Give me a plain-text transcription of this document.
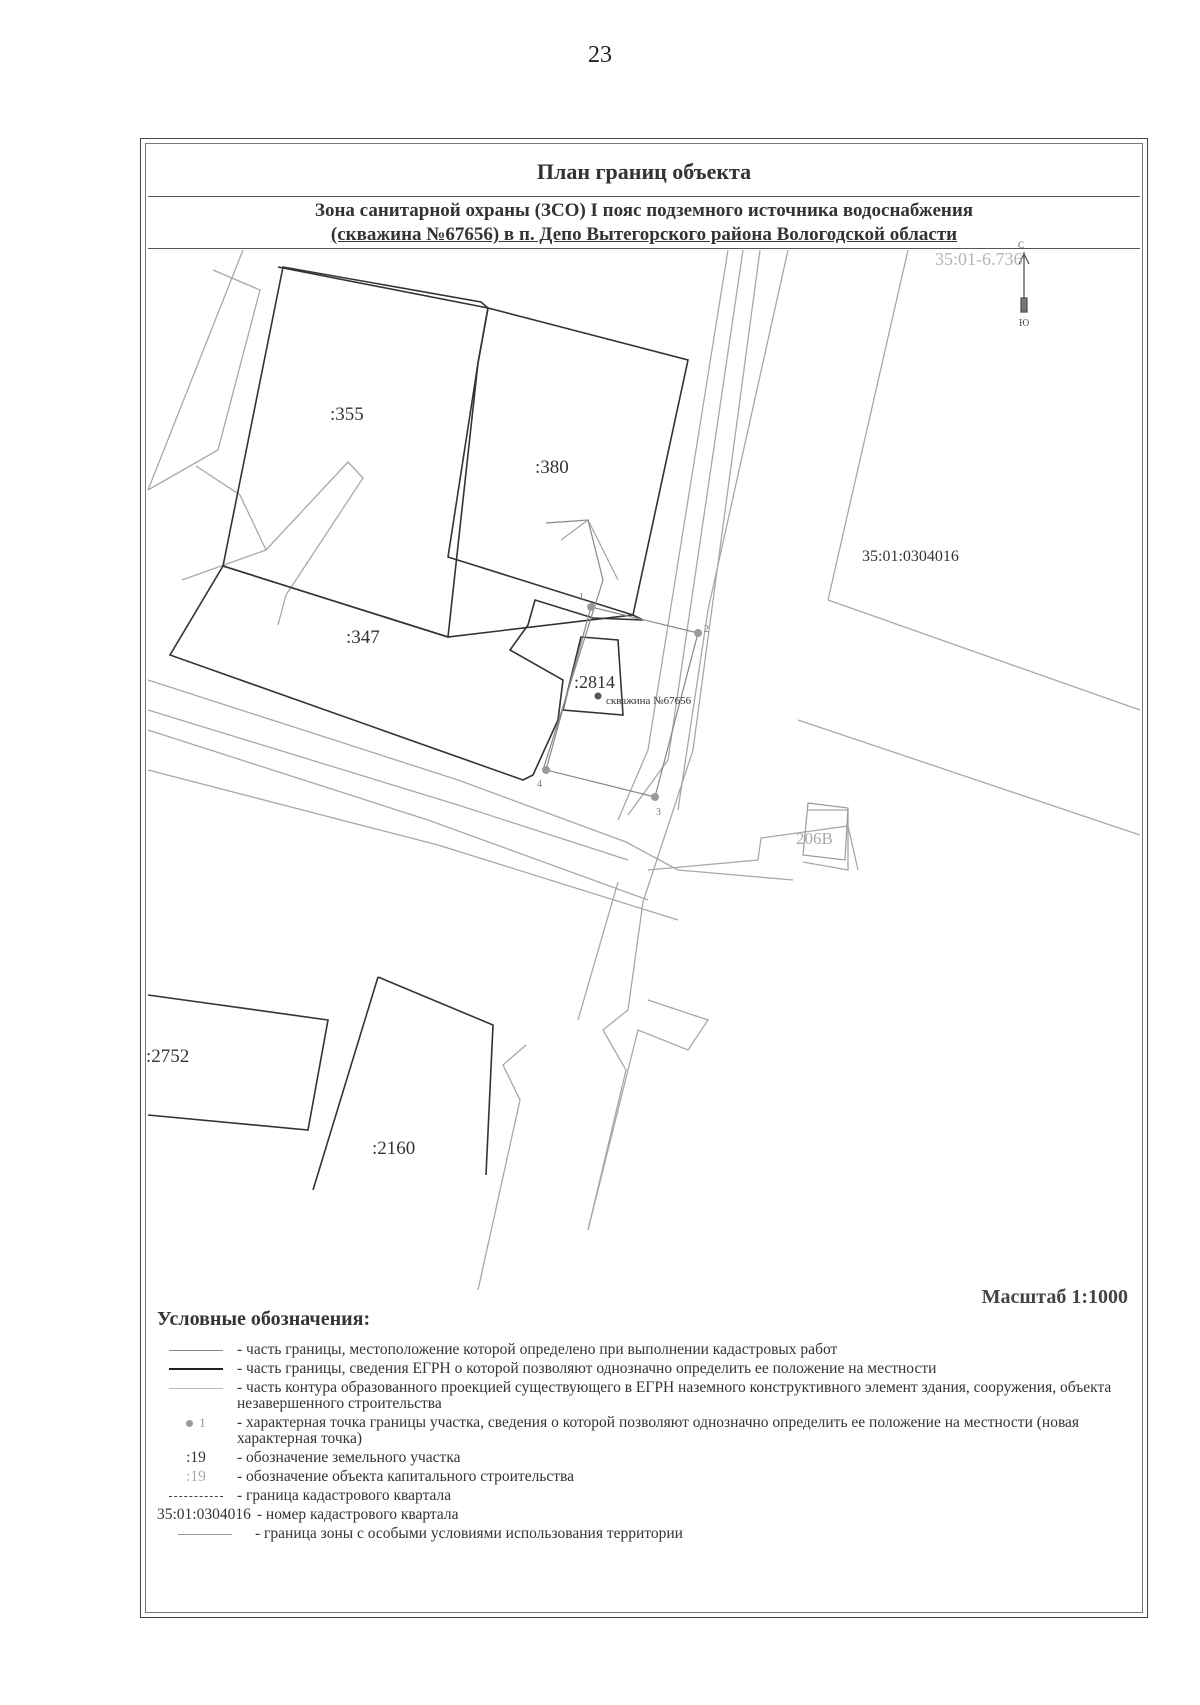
23
План границ объекта
Зона санитарной охраны (ЗСО) I пояс подземного источника водоснабжения
(скважина №67656) в п. Депо Вытегорского района Вологодской области
35:01-6.736
С
Ю
:355
:380
35:01:0304016
:347
:2814
скважина №67656
1
2
3
4
206В
:2752
:2160
Масштаб 1:1000
Условные обозначения:
- часть границы, местоположение которой определено при выполнении кадастровых работ
- часть границы, сведения ЕГРН о которой позволяют однозначно определить ее положение на местности
- часть контура образованного проекцией существующего в ЕГРН наземного конструктивного элемент здания, сооружения, объекта незавершенного строительства
1 - характерная точка границы участка, сведения о которой позволяют однозначно определить ее положение на местности (новая характерная точка)
:19	- обозначение земельного участка
:19	- обозначение объекта капитального строительства
- граница кадастрового квартала
35:01:0304016 - номер кадастрового квартала
- граница зоны с особыми условиями использования территории
